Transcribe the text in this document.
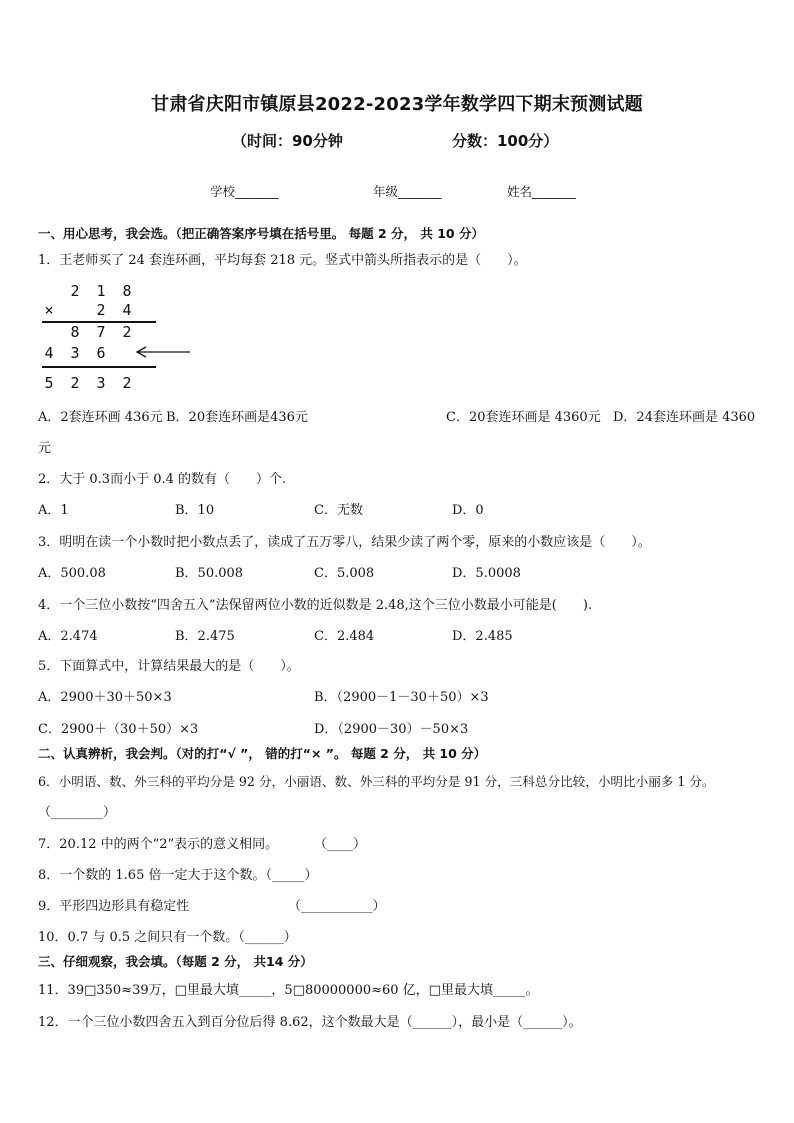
甘肃省庆阳市镇原县2022-2023学年数学四下期末预测试题
（时间：90分钟	分数：100分）
学校_______	年级_______	姓名_______
一、用心思考，我会选。（把正确答案序号填在括号里。 每题 2 分， 共 10 分）
1．王老师买了 24 套连环画，平均每套 218 元。竖式中箭头所指表示的是（　　）。
2 1 8
×	2 4
8 7 2
4 3 6
5 2 3 2
A．2套连环画 436元 B．20套连环画是436元	C．20套连环画是 4360元 D．24套连环画是 4360
元
2．大于 0.3而小于 0.4 的数有（　　）个.
A．1	B．10	C．无数	D．0
3．明明在读一个小数时把小数点丢了，读成了五万零八，结果少读了两个零，原来的小数应该是（　　）。
A．500.08	B．50.008	C．5.008	D．5.0008
4．一个三位小数按“四舍五入”法保留两位小数的近似数是 2.48,这个三位小数最小可能是(　　).
A．2.474	B．2.475	C．2.484	D．2.485
5．下面算式中，计算结果最大的是（　　）。
A．2900＋30＋50×3	B．（2900－1－30＋50）×3
C．2900＋（30＋50）×3	D．（2900－30）－50×3
二、认真辨析，我会判。（对的打“√ ”， 错的打“× ”。 每题 2 分， 共 10 分）
6．小明语、数、外三科的平均分是 92 分，小丽语、数、外三科的平均分是 91 分，三科总分比较，小明比小丽多 1 分。
（________）
7．20.12 中的两个“2”表示的意义相同。	（____）
8．一个数的 1.65 倍一定大于这个数。（_____）
9．平形四边形具有稳定性	（___________）
10．0.7 与 0.5 之间只有一个数。（______）
三、仔细观察，我会填。（每题 2 分， 共14 分）
11．39□350≈39万，□里最大填_____，5□80000000≈60 亿，□里最大填_____。
12．一个三位小数四舍五入到百分位后得 8.62，这个数最大是（______），最小是（______）。
